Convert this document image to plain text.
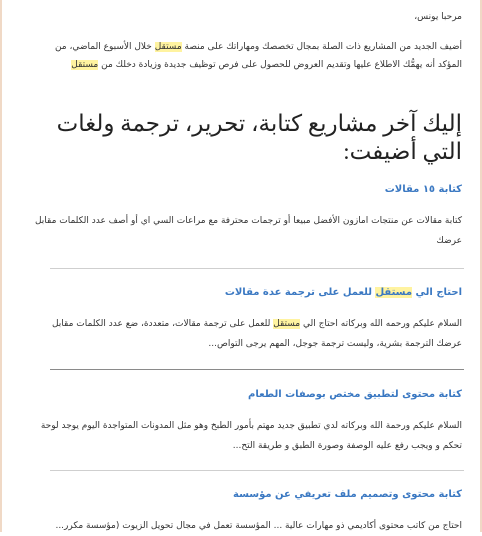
مرحبا يونس،
أضيف الجديد من المشاريع ذات الصلة بمجال تخصصك ومهاراتك على منصة مستقل خلال الأسبوع الماضي، من المؤكد أنه يهمُّك الاطلاع عليها وتقديم العروض للحصول على فرص توظيف جديدة وزيادة دخلك من مستقل
إليك آخر مشاريع كتابة، تحرير، ترجمة ولغات التي أضيفت:
كتابة ١٥ مقالات
كتابة مقالات عن منتجات امازون الأفضل مبيعا أو ترجمات محترفة مع مراعات السي اي أو أصف عدد الكلمات مقابل عرضك
احتاج الي مستقل للعمل على ترجمة عدة مقالات
السلام عليكم ورحمه الله وبركاته احتاج الي مستقل للعمل على ترجمة مقالات، متعددة، ضع عدد الكلمات مقابل عرضك الترجمة بشرية، وليست ترجمة جوجل، المهم يرجى التواص...
كتابة محتوى لتطبيق مختص بوصفات الطعام
السلام عليكم ورحمة الله وبركاته لدي تطبيق جديد مهتم بأمور الطبخ وهو مثل المدونات المتواجدة اليوم يوجد لوحة تحكم و ويجب رفع عليه الوصفة وصورة الطبق و طريقة التح...
كتابة محتوى وتصميم ملف تعريفي عن مؤسسة
احتاج من كاتب محتوى أكاديمي ذو مهارات عالية ... المؤسسة تعمل في مجال تحويل الزيوت (مؤسسة مكرر...
